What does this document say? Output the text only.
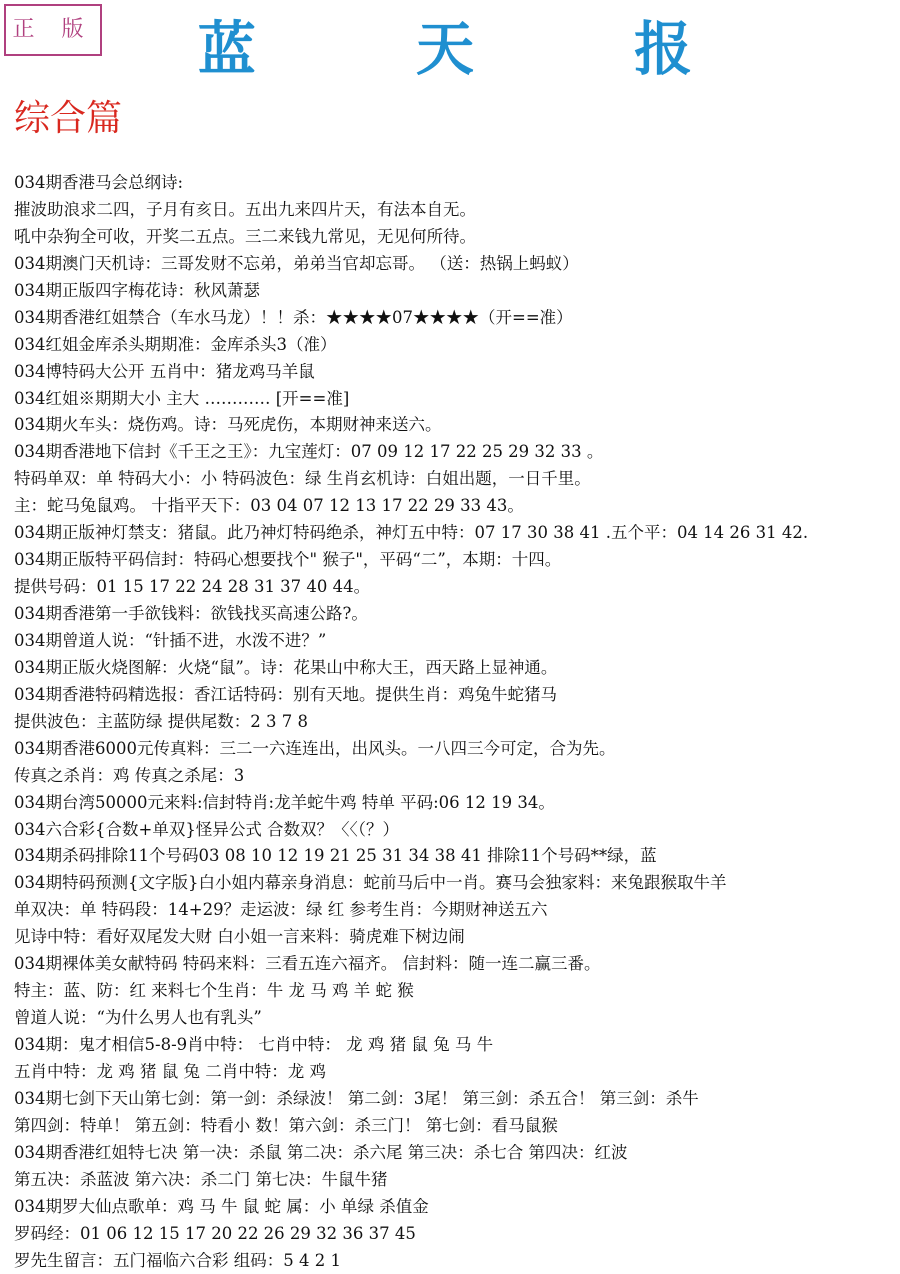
正 版	蓝 天 报
综合篇
034期香港马会总纲诗:
摧波助浪求二四，子月有亥日。五出九来四片天，有法本自无。
吼中杂狗全可收，开奖二五点。三二来钱九常见，无见何所待。
034期澳门天机诗：三哥发财不忘弟，弟弟当官却忘哥。 （送：热锅上蚂蚁）
034期正版四字梅花诗：秋风萧瑟
034期香港红姐禁合（车水马龙）！！杀：★★★★07★★★★（开==准）
034红姐金库杀头期期准：金库杀头3（准）
034博特码大公开 五肖中：猪龙鸡马羊鼠
034红姐※期期大小 主大 ………… [开==准]
034期火车头：烧伤鸡。诗：马死虎伤，本期财神来送六。
034期香港地下信封《千王之王》：九宝莲灯：07 09 12 17 22 25 29 32 33 。
特码单双：单 特码大小：小 特码波色：绿 生肖玄机诗：白姐出题，一日千里。
主：蛇马兔鼠鸡。 十指平天下：03 04 07 12 13 17 22 29 33 43。
034期正版神灯禁支：猪鼠。此乃神灯特码绝杀，神灯五中特：07 17 30 38 41 .五个平：04 14 26 31 42.
034期正版特平码信封：特码心想要找个" 猴子"，平码“二”，本期：十四。
提供号码：01 15 17 22 24 28 31 37 40 44。
034期香港第一手欲钱料：欲钱找买高速公路?。
034期曾道人说：“针插不进，水泼不进？”
034期正版火烧图解：火烧“鼠”。诗：花果山中称大王，西天路上显神通。
034期香港特码精选报：香江话特码：别有天地。提供生肖：鸡兔牛蛇猪马
提供波色：主蓝防绿 提供尾数：2 3 7 8
034期香港6000元传真料：三二一六连连出，出风头。一八四三今可定，合为先。
传真之杀肖：鸡 传真之杀尾：3
034期台湾50000元来料:信封特肖:龙羊蛇牛鸡 特单 平码:06 12 19 34。
034六合彩{合数+单双}怪异公式 合数双？〈〈（？）
034期杀码排除11个号码03 08 10 12 19 21 25 31 34 38 41 排除11个号码**绿，蓝
034期特码预测{文字版}白小姐内幕亲身消息：蛇前马后中一肖。赛马会独家料：来兔跟猴取牛羊
单双决：单 特码段：14+29？走运波：绿 红 参考生肖：今期财神送五六
见诗中特：看好双尾发大财 白小姐一言来料：骑虎难下树边闹
034期裸体美女献特码 特码来料：三看五连六福齐。 信封料：随一连二赢三番。
特主：蓝、防：红 来料七个生肖：牛 龙 马 鸡 羊 蛇 猴
曾道人说：“为什么男人也有乳头”
034期：鬼才相信5-8-9肖中特： 七肖中特： 龙 鸡 猪 鼠 兔 马 牛
五肖中特：龙 鸡 猪 鼠 兔 二肖中特：龙 鸡
034期七剑下天山第七剑：第一剑：杀绿波！ 第二剑：3尾！ 第三剑：杀五合！ 第三剑：杀牛
第四剑：特单！ 第五剑：特看小 数！第六剑：杀三门！ 第七剑：看马鼠猴
034期香港红姐特七决 第一决：杀鼠 第二决：杀六尾 第三决：杀七合 第四决：红波
第五决：杀蓝波 第六决：杀二门 第七决：牛鼠牛猪
034期罗大仙点歌单：鸡 马 牛 鼠 蛇 属：小 单绿 杀值金
罗码经：01 06 12 15 17 20 22 26 29 32 36 37 45
罗先生留言：五门福临六合彩 组码：5 4 2 1
